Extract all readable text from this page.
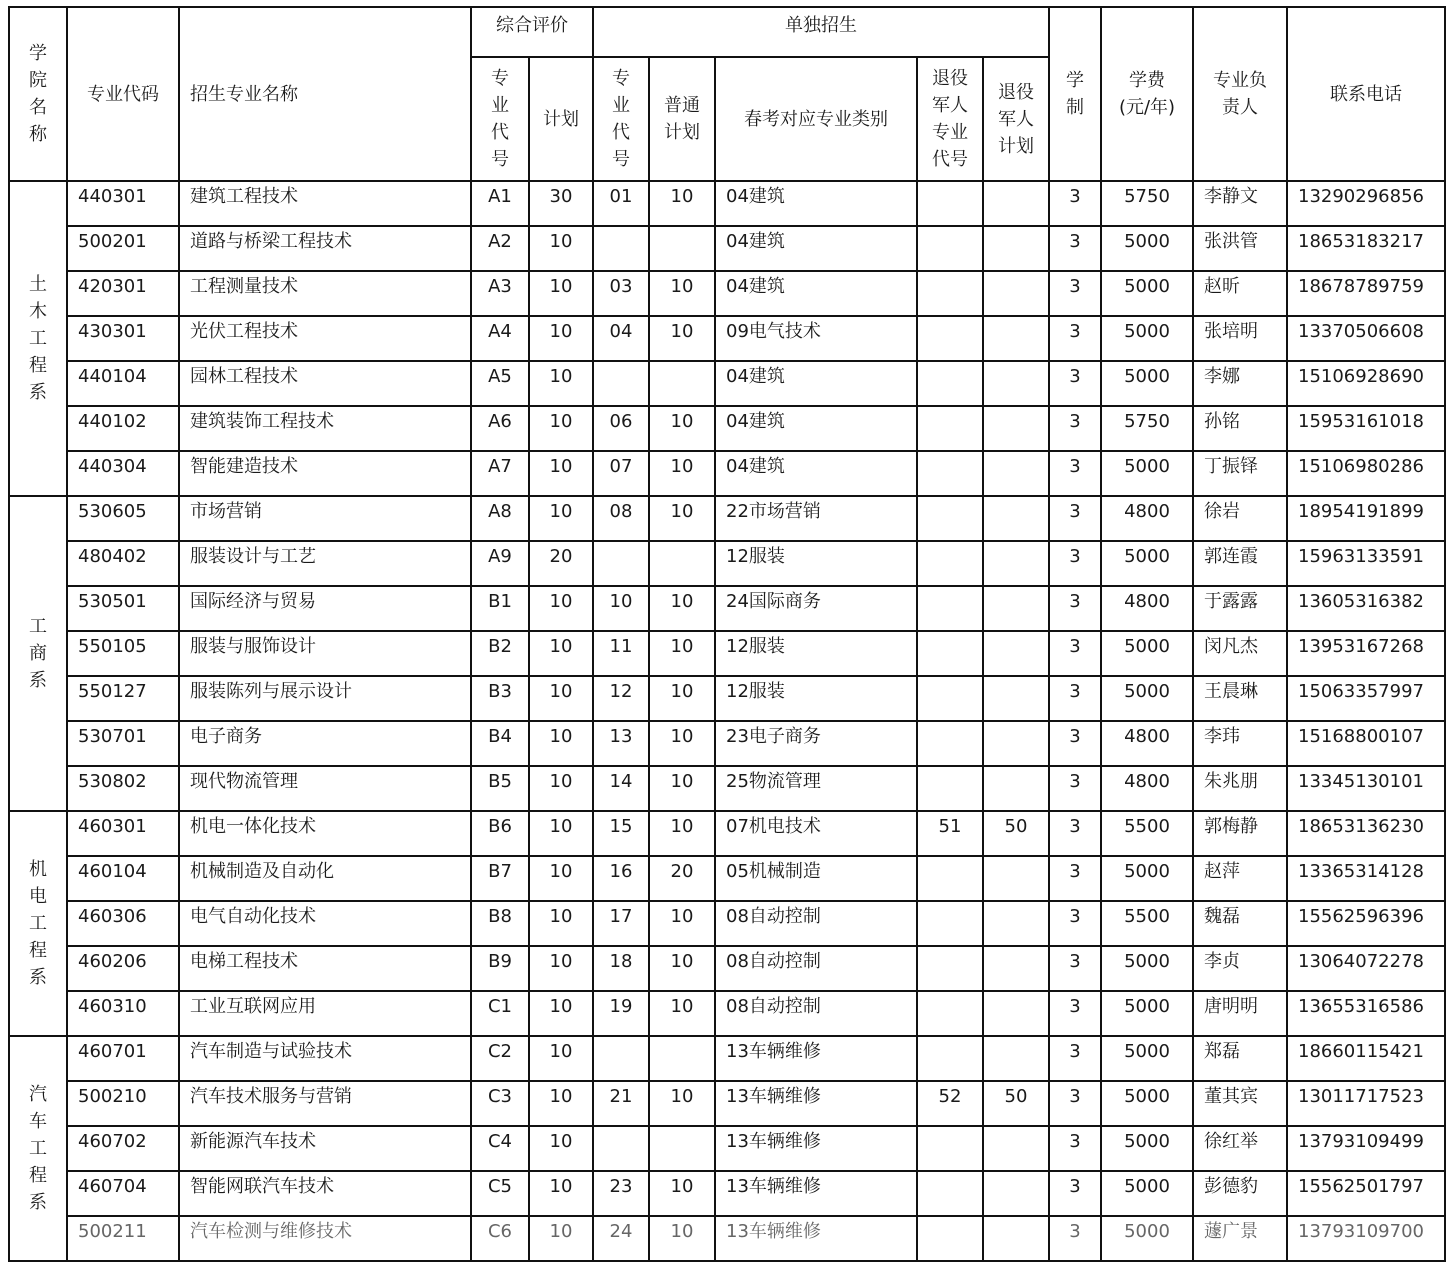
学院名称	专业代码	招生专业名称	综合评价		单独招生					学制	学费(元/年)	专业负责人	联系电话
			专业代号	计划	专业代号	普通计划	春考对应专业类别	退役军人专业代号	退役军人计划				
土木工程系	440301	建筑工程技术	A1	30	01	10	04建筑			3	5750	李静文	13290296856
	500201	道路与桥梁工程技术	A2	10			04建筑			3	5000	张洪管	18653183217
	420301	工程测量技术	A3	10	03	10	04建筑			3	5000	赵昕	18678789759
	430301	光伏工程技术	A4	10	04	10	09电气技术			3	5000	张培明	13370506608
	440104	园林工程技术	A5	10			04建筑			3	5000	李娜	15106928690
	440102	建筑装饰工程技术	A6	10	06	10	04建筑			3	5750	孙铭	15953161018
	440304	智能建造技术	A7	10	07	10	04建筑			3	5000	丁振铎	15106980286
工商系	530605	市场营销	A8	10	08	10	22市场营销			3	4800	徐岩	18954191899
	480402	服装设计与工艺	A9	20			12服装			3	5000	郭连霞	15963133591
	530501	国际经济与贸易	B1	10	10	10	24国际商务			3	4800	于露露	13605316382
	550105	服装与服饰设计	B2	10	11	10	12服装			3	5000	闵凡杰	13953167268
	550127	服装陈列与展示设计	B3	10	12	10	12服装			3	5000	王晨琳	15063357997
	530701	电子商务	B4	10	13	10	23电子商务			3	4800	李玮	15168800107
	530802	现代物流管理	B5	10	14	10	25物流管理			3	4800	朱兆朋	13345130101
机电工程系	460301	机电一体化技术	B6	10	15	10	07机电技术	51	50	3	5500	郭梅静	18653136230
	460104	机械制造及自动化	B7	10	16	20	05机械制造			3	5000	赵萍	13365314128
	460306	电气自动化技术	B8	10	17	10	08自动控制			3	5500	魏磊	15562596396
	460206	电梯工程技术	B9	10	18	10	08自动控制			3	5000	李贞	13064072278
	460310	工业互联网应用	C1	10	19	10	08自动控制			3	5000	唐明明	13655316586
汽车工程系	460701	汽车制造与试验技术	C2	10			13车辆维修			3	5000	郑磊	18660115421
	500210	汽车技术服务与营销	C3	10	21	10	13车辆维修	52	50	3	5000	董其宾	13011717523
	460702	新能源汽车技术	C4	10			13车辆维修			3	5000	徐红举	13793109499
	460704	智能网联汽车技术	C5	10	23	10	13车辆维修			3	5000	彭德豹	15562501797
	500211	汽车检测与维修技术	C6	10	24	10	13车辆维修			3	5000	蘧广景	13793109700
